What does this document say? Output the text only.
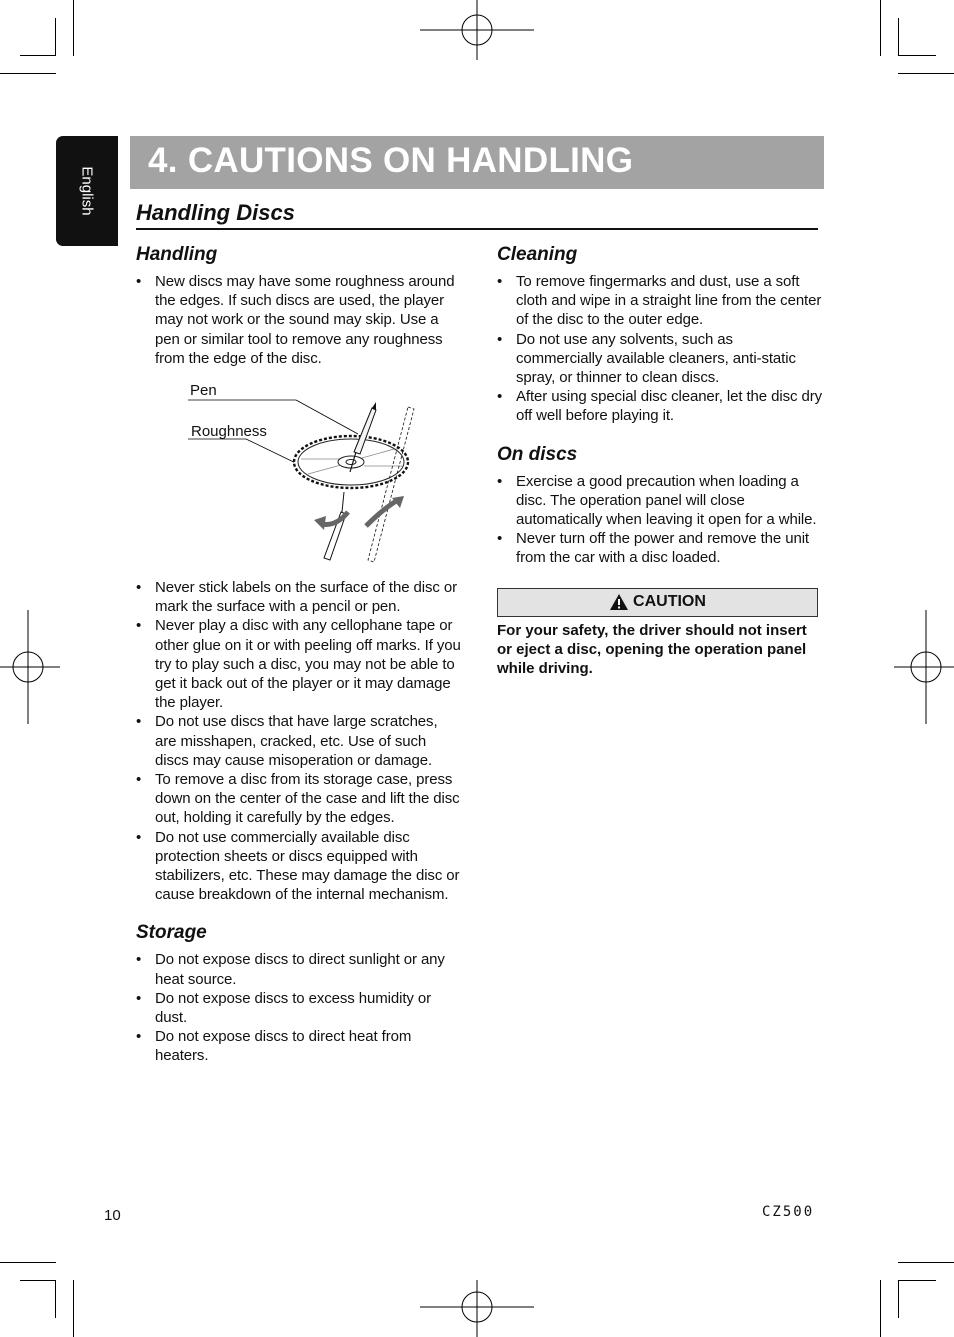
English
4. CAUTIONS ON HANDLING
Handling Discs
Handling
• New discs may have some roughness around the edges. If such discs are used, the player may not work or the sound may skip. Use a pen or similar tool to remove any roughness from the edge of the disc.
Pen
Roughness
• Never stick labels on the surface of the disc or mark the surface with a pencil or pen.
• Never play a disc with any cellophane tape or other glue on it or with peeling off marks. If you try to play such a disc, you may not be able to get it back out of the player or it may damage the player.
• Do not use discs that have large scratches, are misshapen, cracked, etc. Use of such discs may cause misoperation or damage.
• To remove a disc from its storage case, press down on the center of the case and lift the disc out, holding it carefully by the edges.
• Do not use commercially available disc protection sheets or discs equipped with stabilizers, etc. These may damage the disc or cause breakdown of the internal mechanism.
Storage
• Do not expose discs to direct sunlight or any heat source.
• Do not expose discs to excess humidity or dust.
• Do not expose discs to direct heat from heaters.
Cleaning
• To remove fingermarks and dust, use a soft cloth and wipe in a straight line from the center of the disc to the outer edge.
• Do not use any solvents, such as commercially available cleaners, anti-static spray, or thinner to clean discs.
• After using special disc cleaner, let the disc dry off well before playing it.
On discs
• Exercise a good precaution when loading a disc. The operation panel will close automatically when leaving it open for a while.
• Never turn off the power and remove the unit from the car with a disc loaded.
CAUTION

For your safety, the driver should not insert or eject a disc, opening the operation panel while driving.

10	CZ500
